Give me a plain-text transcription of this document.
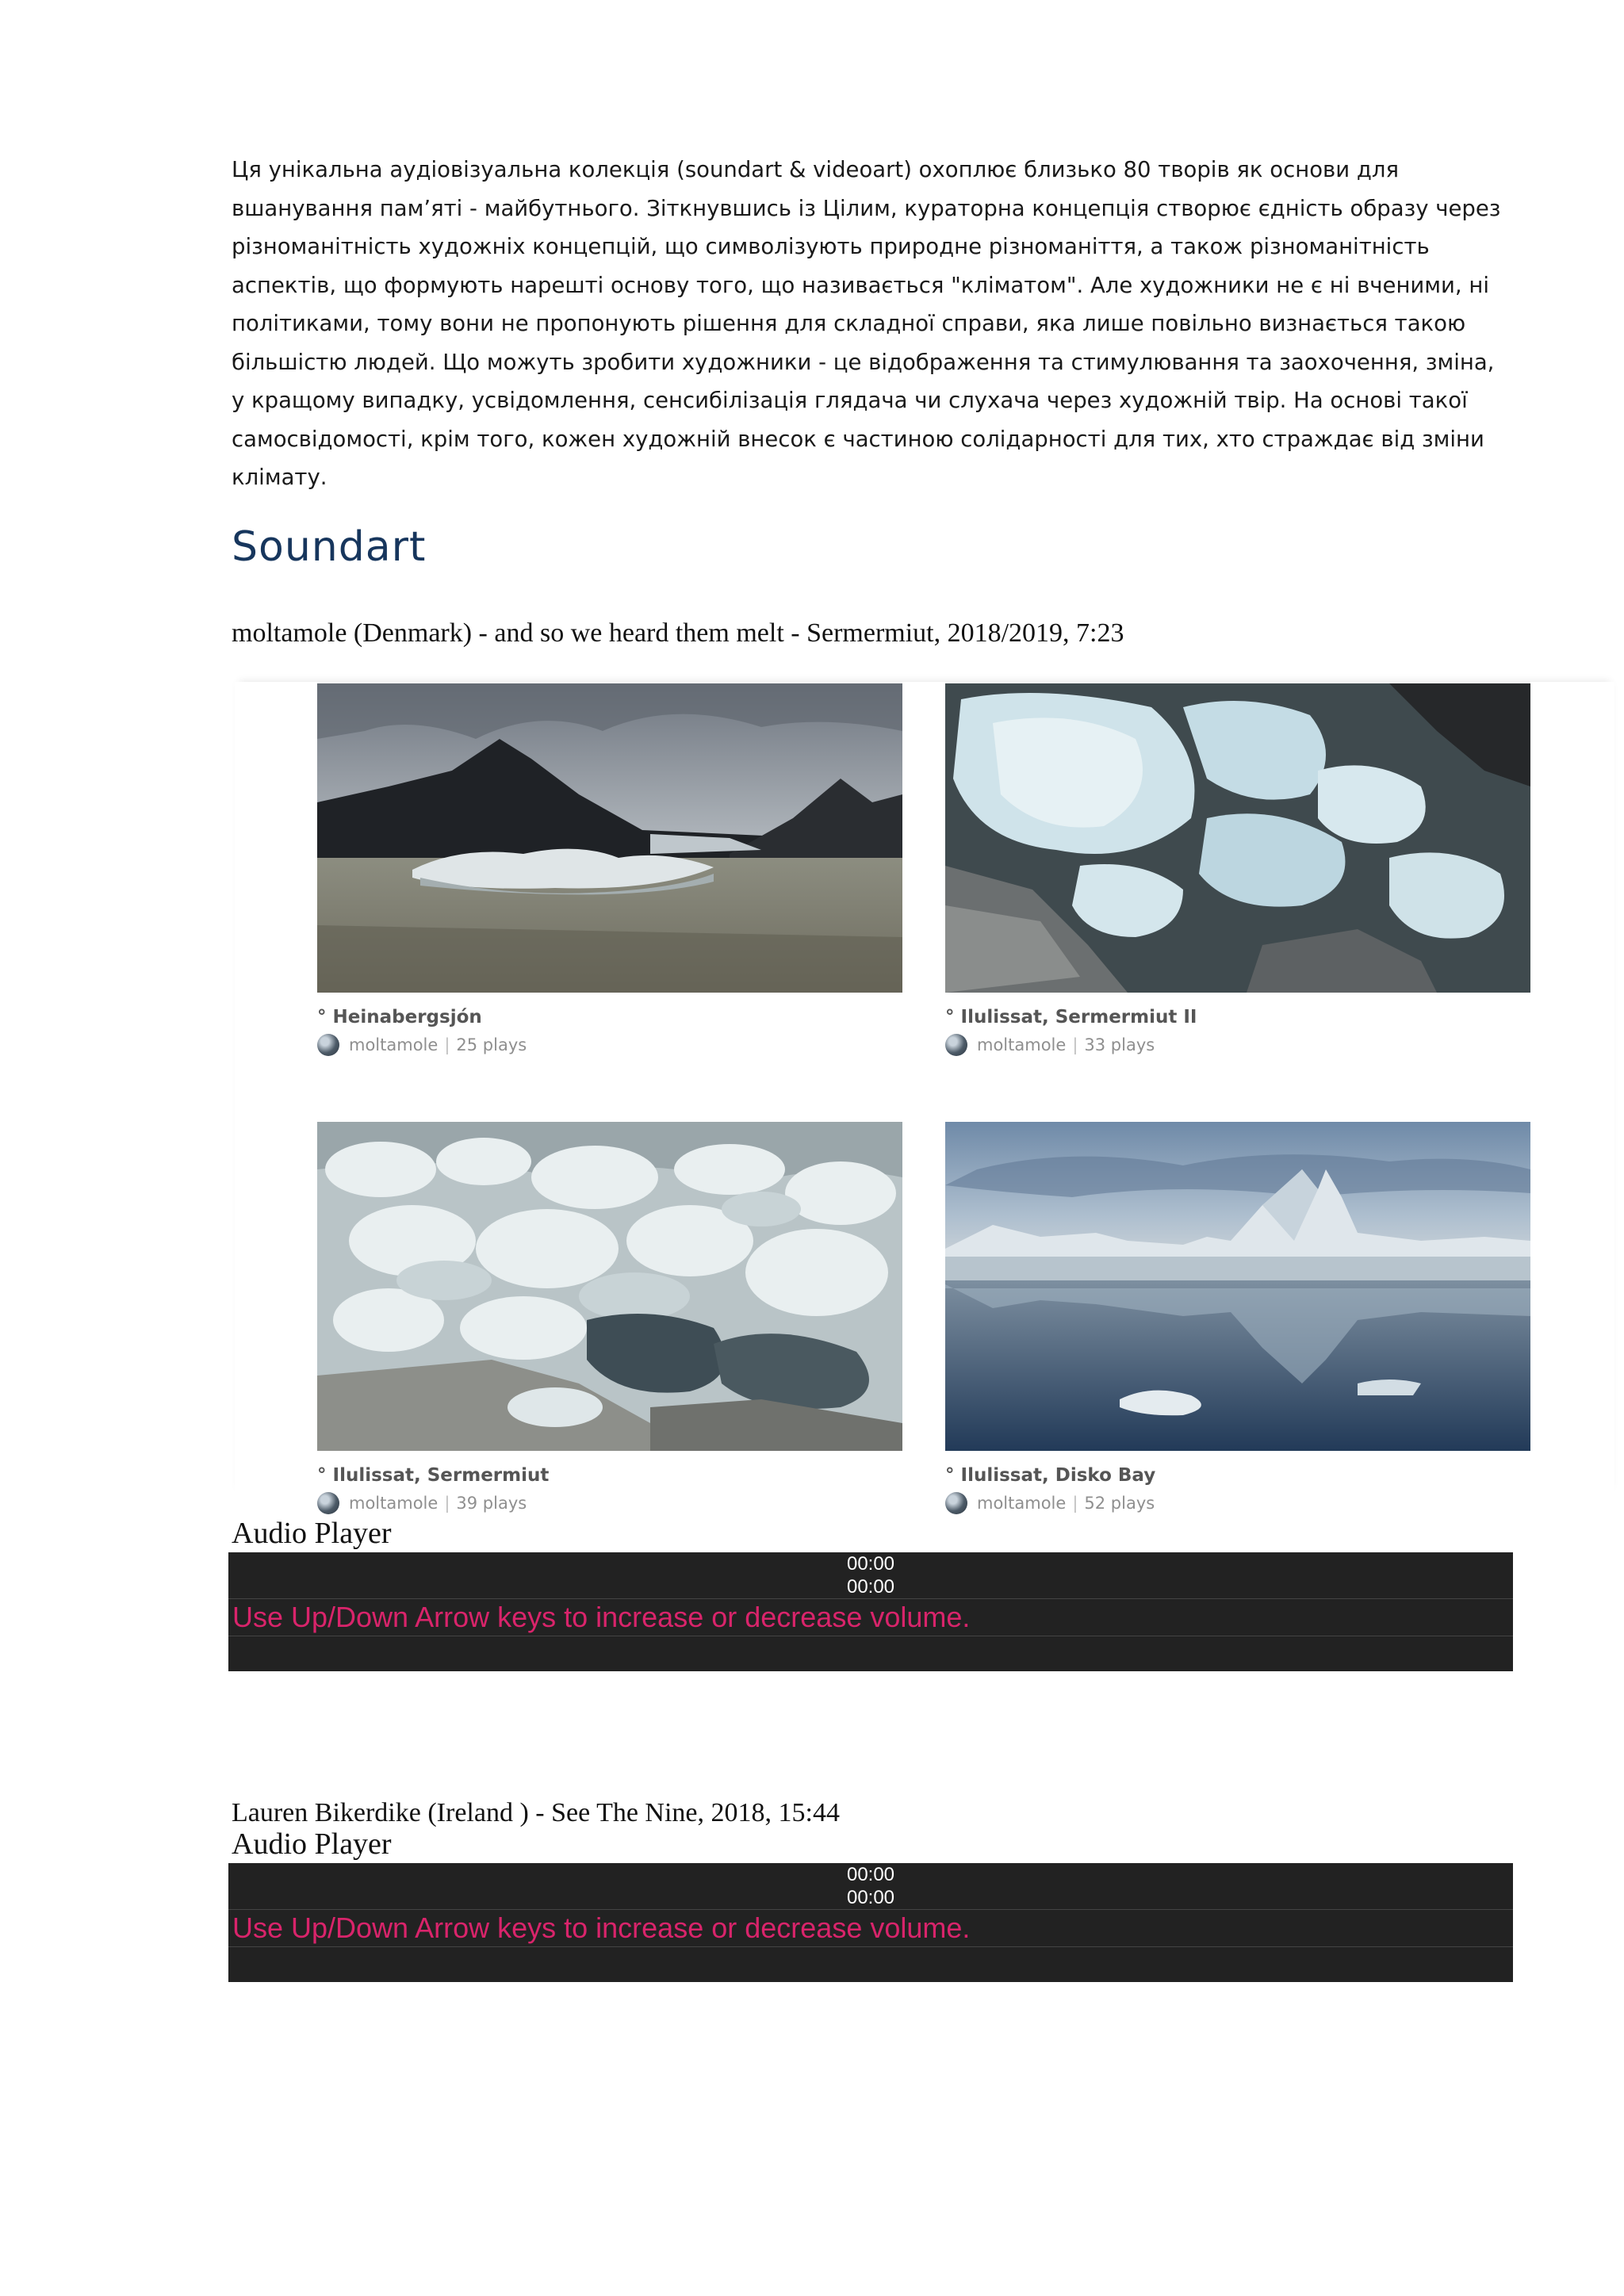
Ця унікальна аудіовізуальна колекція (soundart & videoart) охоплює близько 80 творів як основи для
вшанування пам’яті - майбутнього. Зіткнувшись із Цілим, кураторна концепція створює єдність образу через
різноманітність художніх концепцій, що символізують природне різноманіття, а також різноманітність
аспектів, що формують нарешті основу того, що називається "кліматом". Але художники не є ні вченими, ні
політиками, тому вони не пропонують рішення для складної справи, яка лише повільно визнається такою
більшістю людей. Що можуть зробити художники - це відображення та стимулювання та заохочення, зміна,
у кращому випадку, усвідомлення, сенсибілізація глядача чи слухача через художній твір. На основі такої
самосвідомості, крім того, кожен художній внесок є частиною солідарності для тих, хто страждає від зміни
клімату.

Soundart

moltamole (Denmark) - and so we heard them melt - Sermermiut, 2018/2019, 7:23

° Heinabergsjón
moltamole | 25 plays
° Ilulissat, Sermermiut II
moltamole | 33 plays
° Ilulissat, Sermermiut
moltamole | 39 plays
° Ilulissat, Disko Bay
moltamole | 52 plays

Audio Player

00:00
00:00
Use Up/Down Arrow keys to increase or decrease volume.

Lauren Bikerdike (Ireland ) - See The Nine, 2018, 15:44

Audio Player

00:00
00:00
Use Up/Down Arrow keys to increase or decrease volume.
